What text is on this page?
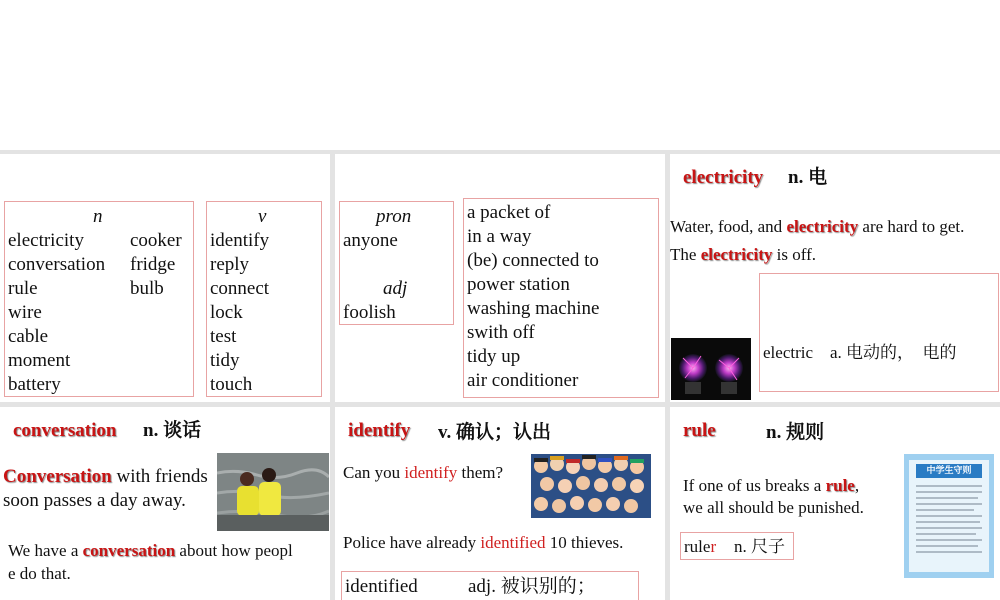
n
electricity
conversation
rule
wire
cable
moment
battery
cooker
fridge
bulb
v
identify
reply
connect
lock
test
tidy
touch
pron
anyone
adj
foolish
a packet of
in a way
(be) connected to
power station
washing machine
swith off
tidy up
air conditioner
electricity n. 电
Water, food, and electricity are hard to get.
The electricity is off.

electric    a. 电动的，  电的

conversation n. 谈话
Conversation with friends
soon passes a day away.
We have a conversation about how peopl
e do that.
identify v. 确认；认出
Can you identify them?
Police have already identified 10 thieves.
identified	adj. 被识别的；
rule	n. 规则
If one of us breaks a rule,
we all should be punished.
ruler n. 尺子
中学生守则
